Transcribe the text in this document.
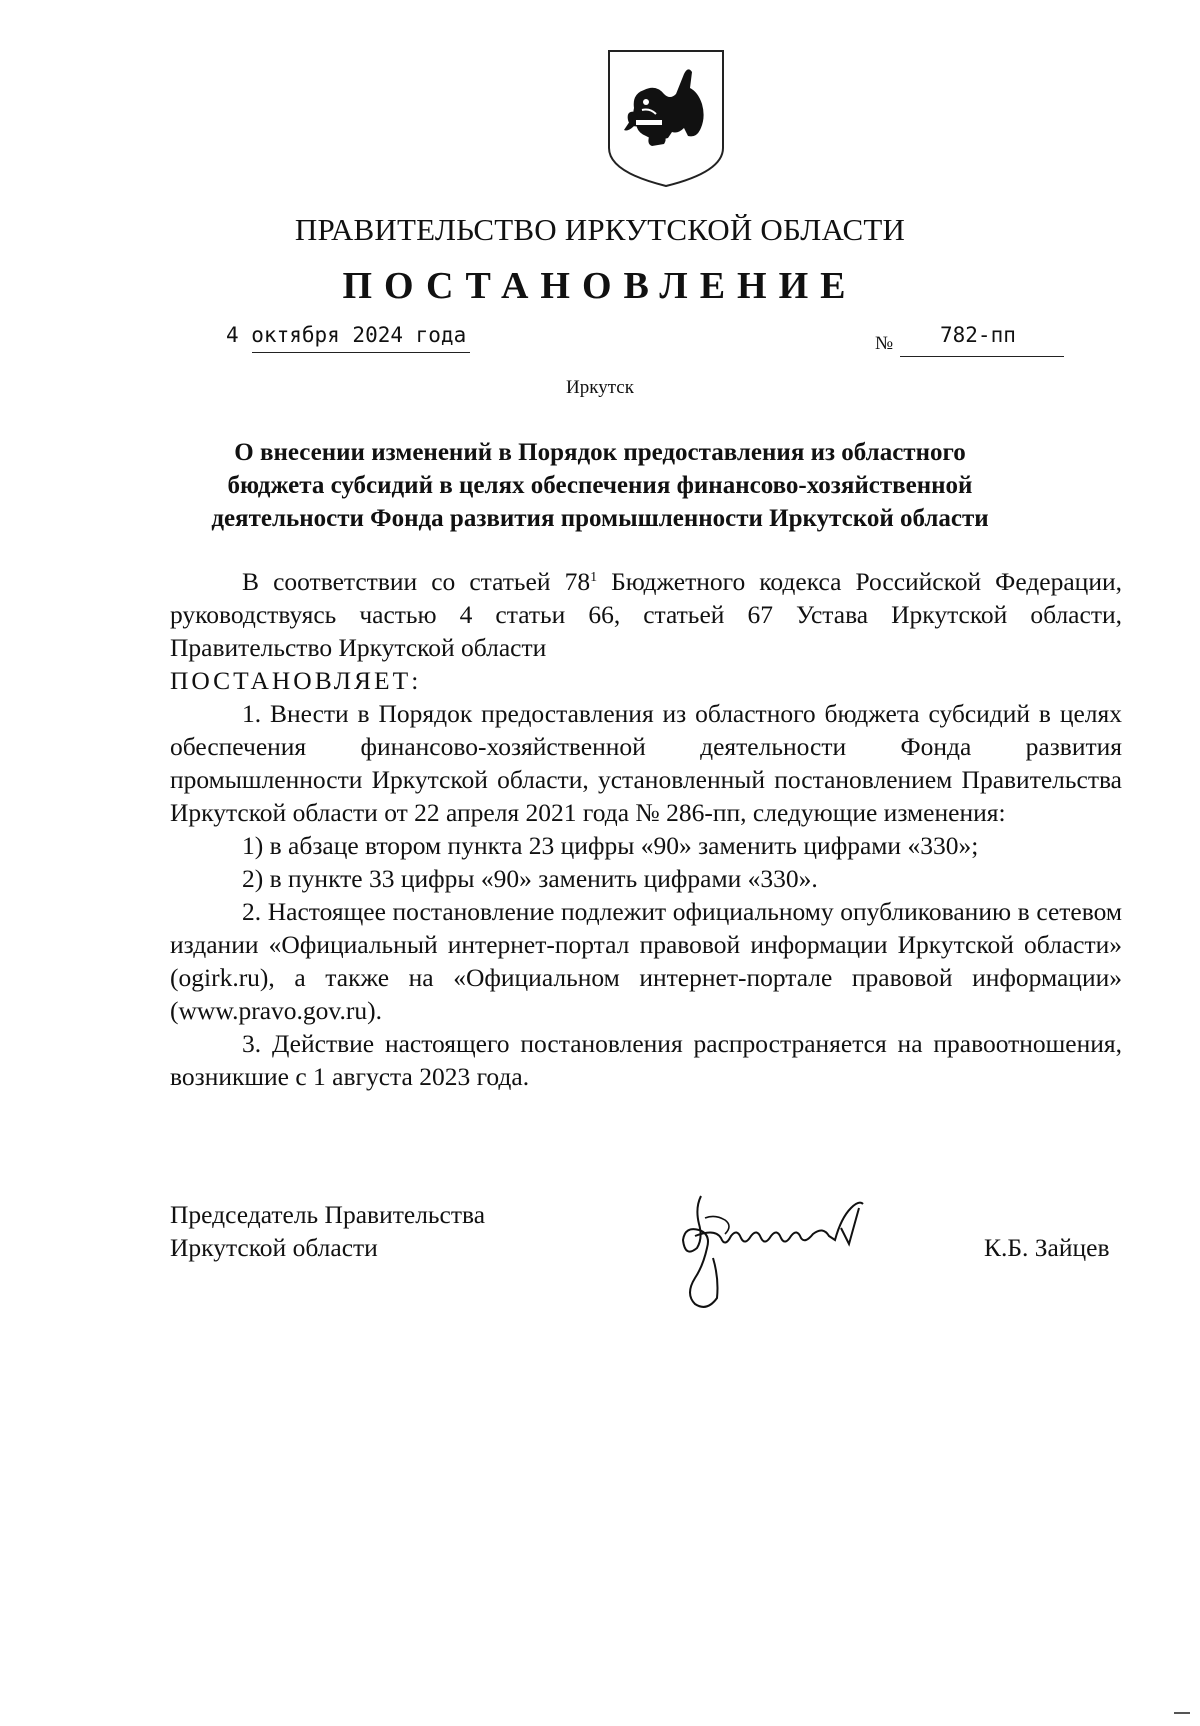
ПРАВИТЕЛЬСТВО ИРКУТСКОЙ ОБЛАСТИ
ПОСТАНОВЛЕНИЕ
4 октября 2024 года	№ 782-пп
Иркутск
О внесении изменений в Порядок предоставления из областного бюджета субсидий в целях обеспечения финансово-хозяйственной деятельности Фонда развития промышленности Иркутской области

В соответствии со статьей $78^1$ Бюджетного кодекса Российской Федерации, руководствуясь частью 4 статьи 66, статьей 67 Устава Иркутской области, Правительство Иркутской области

ПОСТАНОВЛЯЕТ:

1. Внести в Порядок предоставления из областного бюджета субсидий в целях обеспечения финансово-хозяйственной деятельности Фонда развития промышленности Иркутской области, установленный постановлением Правительства Иркутской области от 22 апреля 2021 года № 286-пп, следующие изменения:

1) в абзаце втором пункта 23 цифры «90» заменить цифрами «330»;

2) в пункте 33 цифры «90» заменить цифрами «330».

2. Настоящее постановление подлежит официальному опубликованию в сетевом издании «Официальный интернет-портал правовой информации Иркутской области» (ogirk.ru), а также на «Официальном интернет-портале правовой информации» (www.pravo.gov.ru).

3. Действие настоящего постановления распространяется на правоотношения, возникшие с 1 августа 2023 года.

Председатель Правительства
Иркутской области	К.Б. Зайцев
